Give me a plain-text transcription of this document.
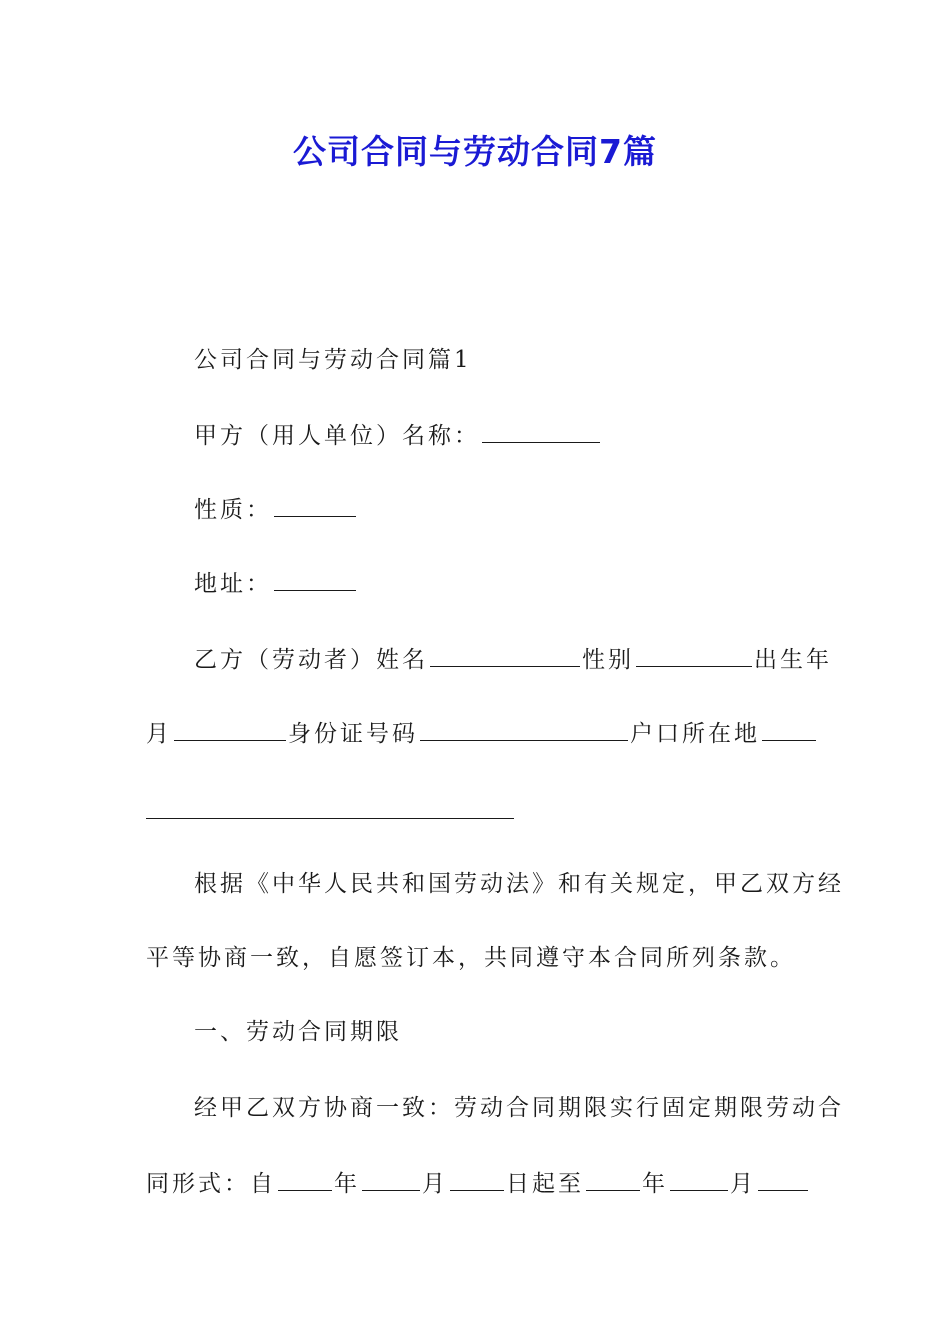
公司合同与劳动合同7篇
公司合同与劳动合同篇1
甲方（用人单位）名称：
性质：
地址：
乙方（劳动者）姓名	性别	出生年
月	身份证号码	户口所在地
根据《中华人民共和国劳动法》和有关规定，甲乙双方经
平等协商一致，自愿签订本，共同遵守本合同所列条款。
一、劳动合同期限
经甲乙双方协商一致：劳动合同期限实行固定期限劳动合
同形式：自	年	月	日起至	年	月
